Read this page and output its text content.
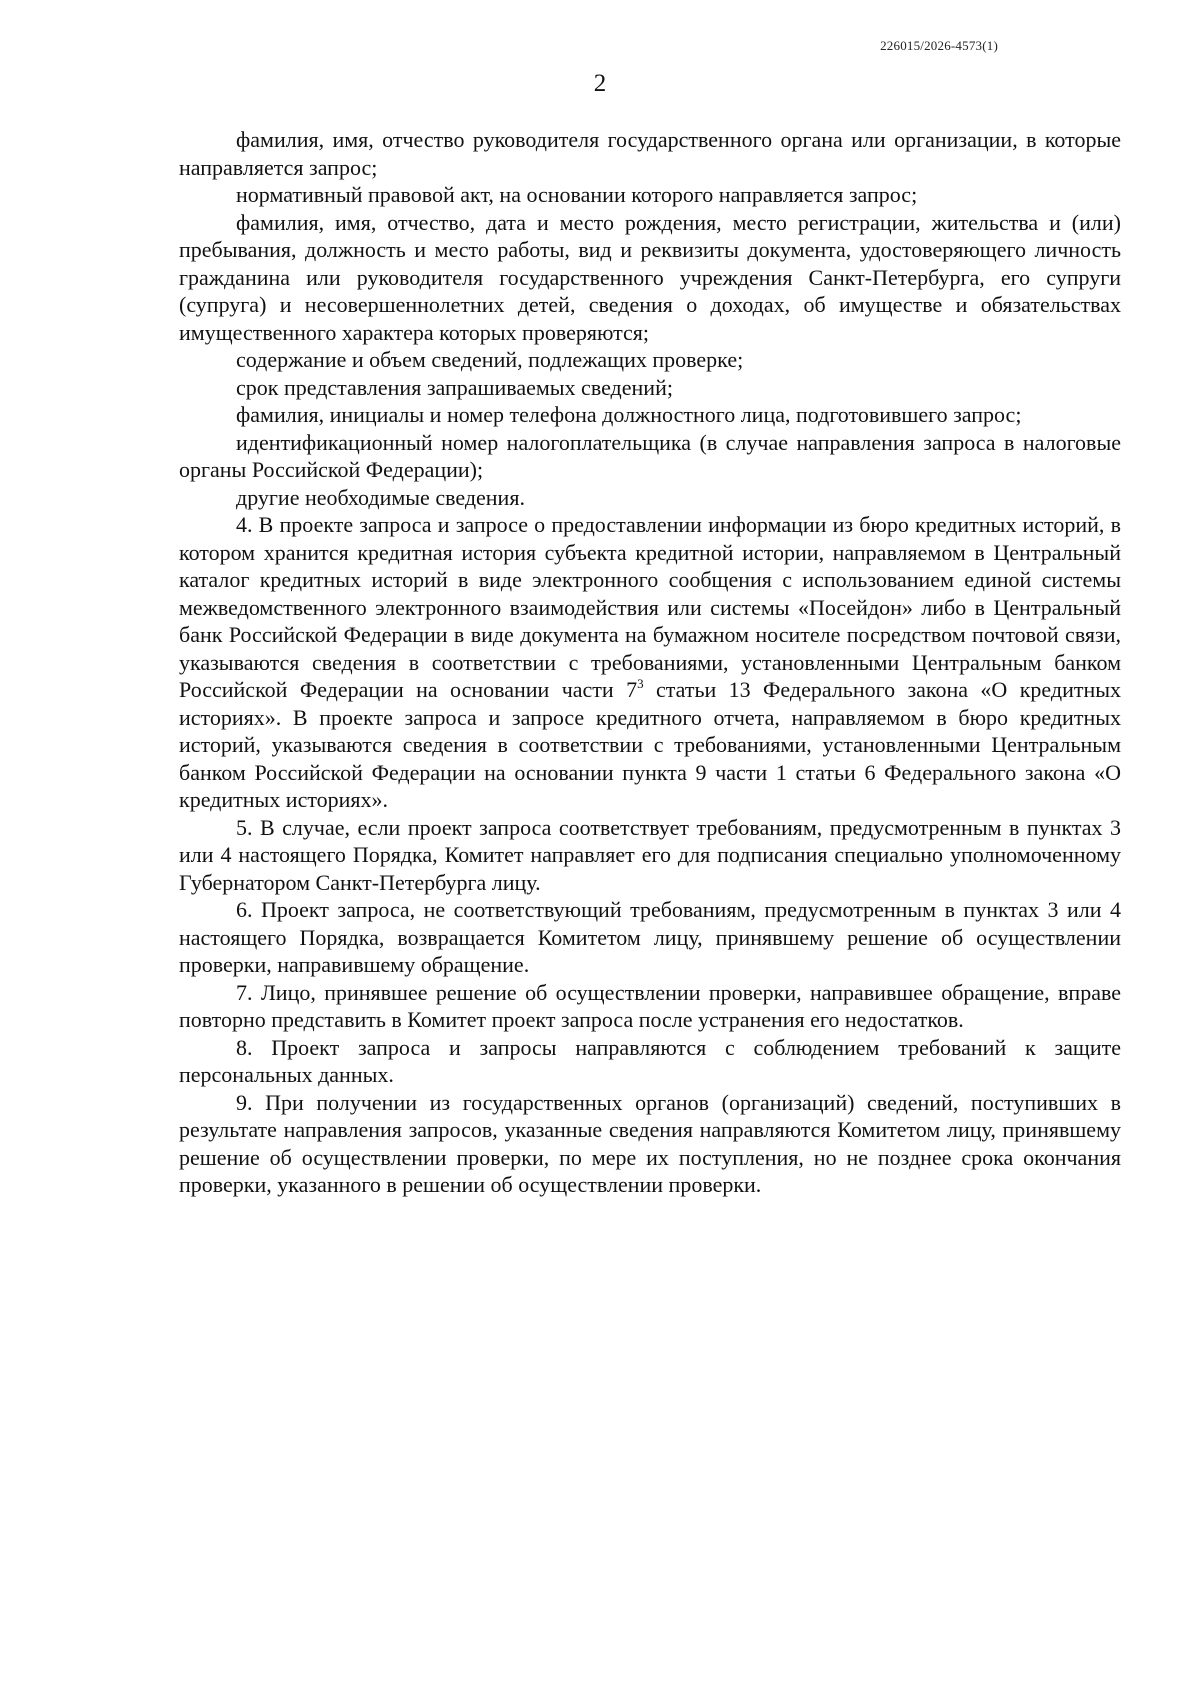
226015/2026-4573(1)
2

фамилия, имя, отчество руководителя государственного органа или организации, в которые направляется запрос;

нормативный правовой акт, на основании которого направляется запрос;

фамилия, имя, отчество, дата и место рождения, место регистрации, жительства и (или) пребывания, должность и место работы, вид и реквизиты документа, удостоверяющего личность гражданина или руководителя государственного учреждения Санкт-Петербурга, его супруги (супруга) и несовершеннолетних детей, сведения о доходах, об имуществе и обязательствах имущественного характера которых проверяются;

содержание и объем сведений, подлежащих проверке;

срок представления запрашиваемых сведений;

фамилия, инициалы и номер телефона должностного лица, подготовившего запрос;

идентификационный номер налогоплательщика (в случае направления запроса в налоговые органы Российской Федерации);

другие необходимые сведения.

4. В проекте запроса и запросе о предоставлении информации из бюро кредитных историй, в котором хранится кредитная история субъекта кредитной истории, направляемом в Центральный каталог кредитных историй в виде электронного сообщения с использованием единой системы межведомственного электронного взаимодействия или системы «Посейдон» либо в Центральный банк Российской Федерации в виде документа на бумажном носителе посредством почтовой связи, указываются сведения в соответствии с требованиями, установленными Центральным банком Российской Федерации на основании части $7^3$ статьи 13 Федерального закона «О кредитных историях». В проекте запроса и запросе кредитного отчета, направляемом в бюро кредитных историй, указываются сведения в соответствии с требованиями, установленными Центральным банком Российской Федерации на основании пункта 9 части 1 статьи 6 Федерального закона «О кредитных историях».

5. В случае, если проект запроса соответствует требованиям, предусмотренным в пунктах 3 или 4 настоящего Порядка, Комитет направляет его для подписания специально уполномоченному Губернатором Санкт-Петербурга лицу.

6. Проект запроса, не соответствующий требованиям, предусмотренным в пунктах 3 или 4 настоящего Порядка, возвращается Комитетом лицу, принявшему решение об осуществлении проверки, направившему обращение.

7. Лицо, принявшее решение об осуществлении проверки, направившее обращение, вправе повторно представить в Комитет проект запроса после устранения его недостатков.

8. Проект запроса и запросы направляются с соблюдением требований к защите персональных данных.

9. При получении из государственных органов (организаций) сведений, поступивших в результате направления запросов, указанные сведения направляются Комитетом лицу, принявшему решение об осуществлении проверки, по мере их поступления, но не позднее срока окончания проверки, указанного в решении об осуществлении проверки.
